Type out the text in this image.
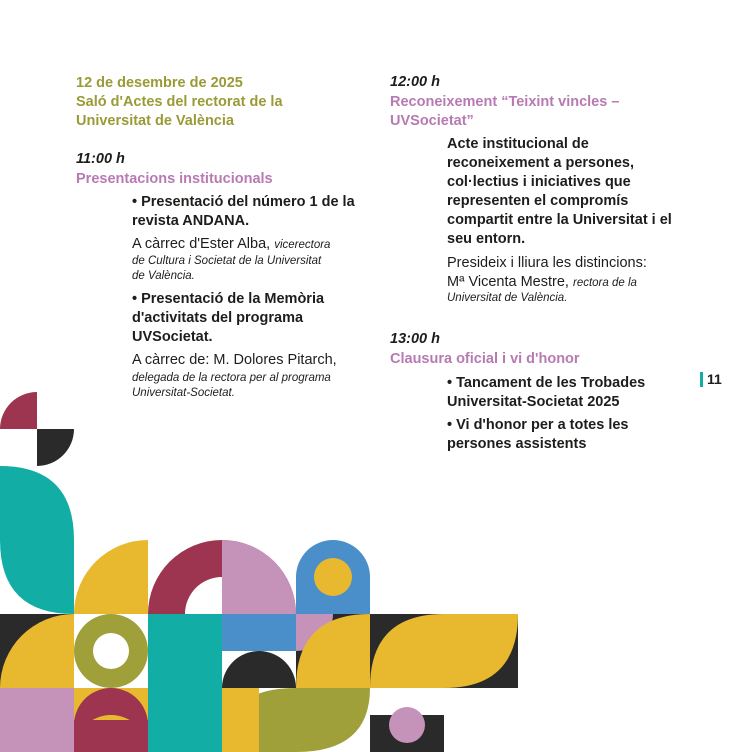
12 de desembre de 2025
Saló d'Actes del rectorat de la
Universitat de València
11:00 h
Presentacions institucionals
• Presentació del número 1 de la
revista ANDANA.
A càrrec d'Ester Alba, vicerectora
de Cultura i Societat de la Universitat
de València.
• Presentació de la Memòria
d'activitats del programa
UVSocietat.
A càrrec de: M. Dolores Pitarch,
delegada de la rectora per al programa
Universitat-Societat.
12:00 h
Reconeixement “Teixint vincles –
UVSocietat”
Acte institucional de
reconeixement a persones,
col·lectius i iniciatives que
representen el compromís
compartit entre la Universitat i el
seu entorn.
Presideix i lliura les distincions:
Mª Vicenta Mestre, rectora de la
Universitat de València.
13:00 h
Clausura oficial i vi d'honor
• Tancament de les Trobades
Universitat-Societat 2025
• Vi d'honor per a totes les
persones assistents
11
